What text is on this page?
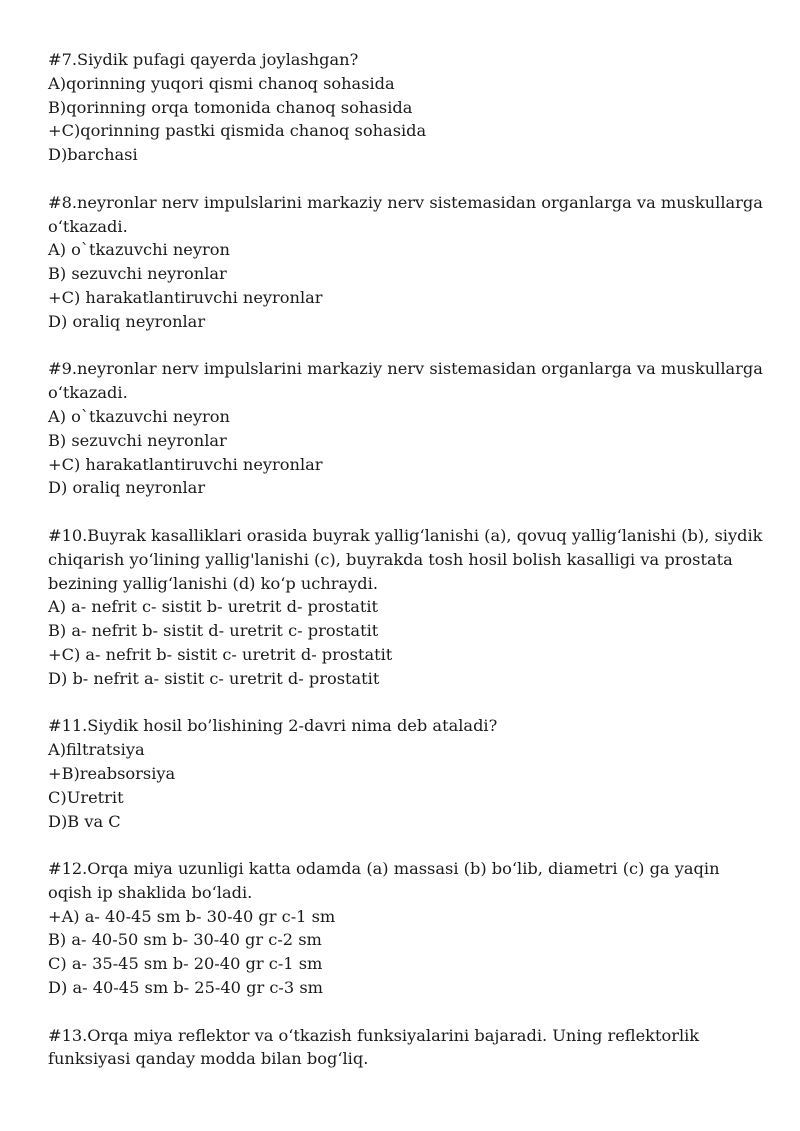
#7.Siydik pufagi qayerda joylashgan?
A)qorinning yuqori qismi chanoq sohasida
B)qorinning orqa tomonida chanoq sohasida
+C)qorinning pastki qismida chanoq sohasida
D)barchasi
#8.neyronlar nerv impulslarini markaziy nerv sistemasidan organlarga va muskullarga o‘tkazadi.
A) o`tkazuvchi neyron
B) sezuvchi neyronlar
+C) harakatlantiruvchi neyronlar
D) oraliq neyronlar
#9.neyronlar nerv impulslarini markaziy nerv sistemasidan organlarga va muskullarga o‘tkazadi.
A) o`tkazuvchi neyron
B) sezuvchi neyronlar
+C) harakatlantiruvchi neyronlar
D) oraliq neyronlar
#10.Buyrak kasalliklari orasida buyrak yallig‘lanishi (a), qovuq yallig‘lanishi (b), siydik chiqarish yo‘lining yallig'lanishi (c), buyrakda tosh hosil bolish kasalligi va prostata bezining yallig‘lanishi (d) ko‘p uchraydi.
A) a- nefrit c- sistit b- uretrit d- prostatit
B) a- nefrit b- sistit d- uretrit c- prostatit
+C) a- nefrit b- sistit c- uretrit d- prostatit
D) b- nefrit a- sistit c- uretrit d- prostatit
#11.Siydik hosil bo’lishining 2-davri nima deb ataladi?
A)filtratsiya
+B)reabsorsiya
C)Uretrit
D)B va C
#12.Orqa miya uzunligi katta odamda (a) massasi (b) bo‘lib, diametri (c) ga yaqin oqish ip shaklida bo‘ladi.
+A) a- 40-45 sm b- 30-40 gr c-1 sm
B) a- 40-50 sm b- 30-40 gr c-2 sm
C) a- 35-45 sm b- 20-40 gr c-1 sm
D) a- 40-45 sm b- 25-40 gr c-3 sm
#13.Orqa miya reflektor va o‘tkazish funksiyalarini bajaradi. Uning reflektorlik funksiyasi qanday modda bilan bog‘liq.
